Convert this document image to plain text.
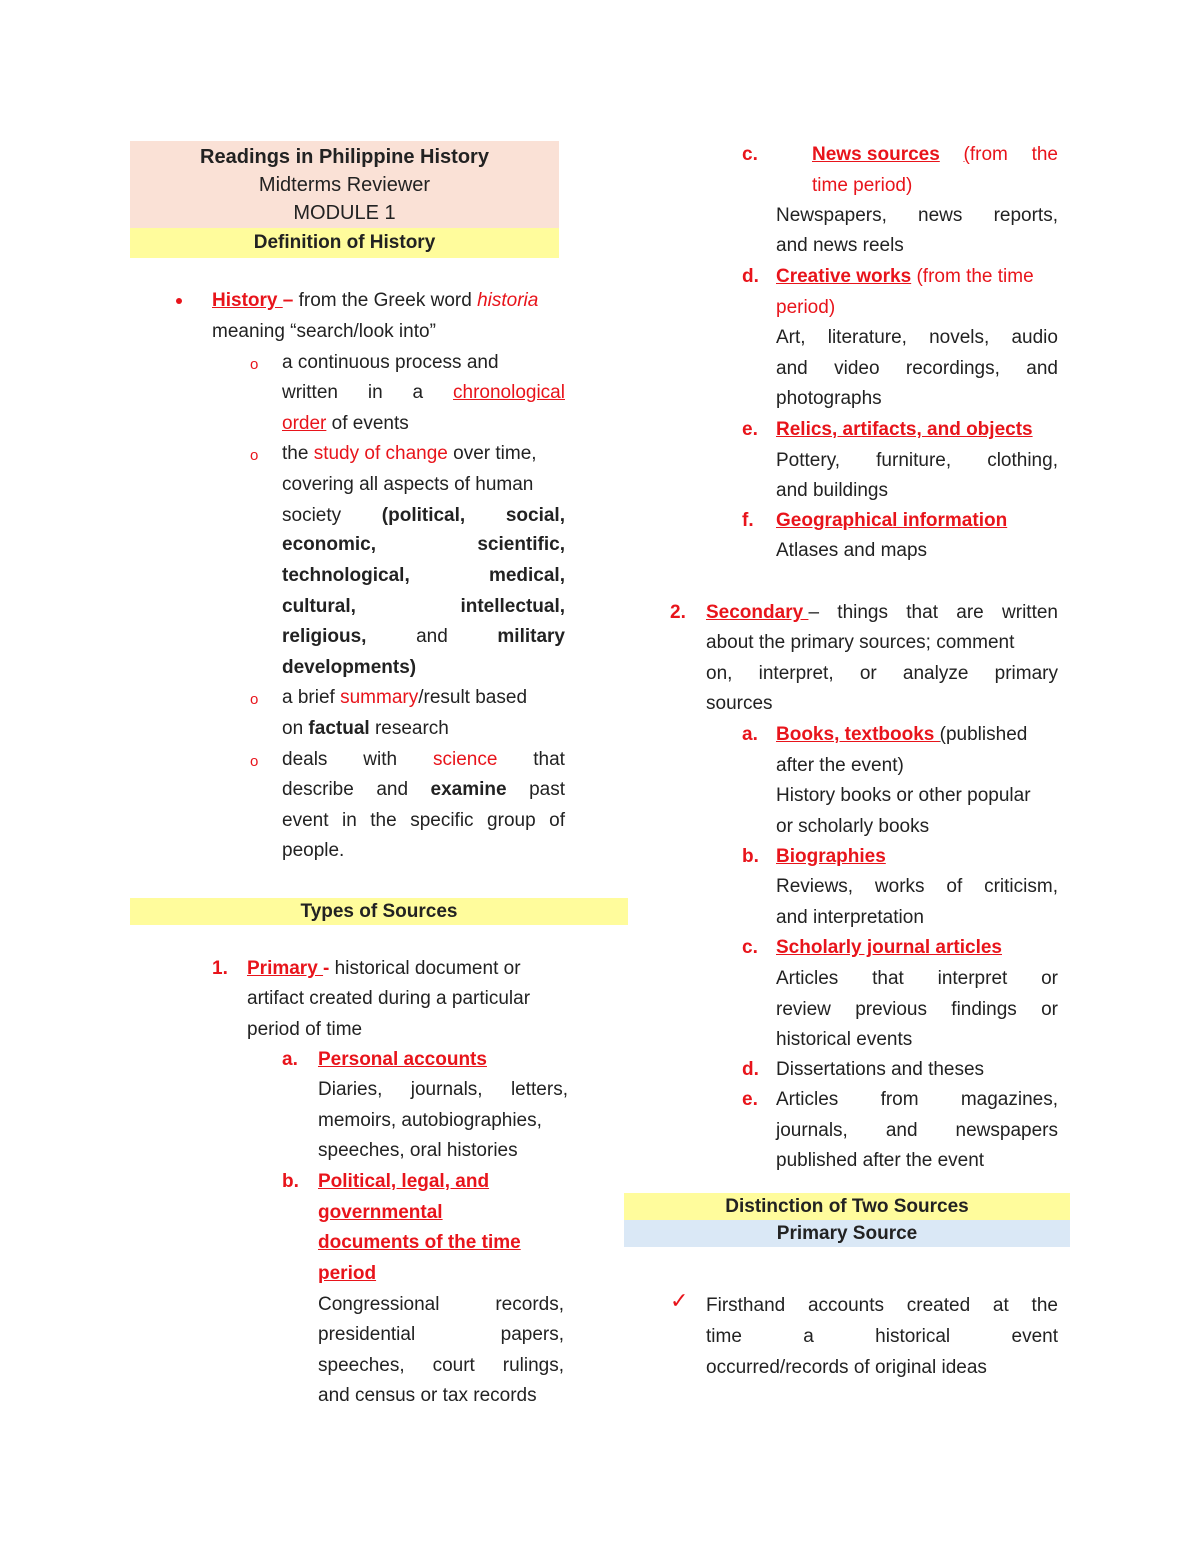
Readings in Philippine History
Midterms Reviewer
MODULE 1
Definition of History
History – from the Greek word historia
meaning “search/look into”
o a continuous process and
written in a chronological
order of events
o the study of change over time,
covering all aspects of human
society (political, social,
economic,	scientific,
technological,	medical,
cultural,	intellectual,
religious,	and	military
developments)
o a brief summary/result based
on factual research
o deals with science that
describe and examine past
event in the specific group of
people.
Types of Sources
1. Primary - historical document or
artifact created during a particular
period of time
a. Personal accounts
Diaries, journals, letters,
memoirs, autobiographies,
speeches, oral histories
b. Political, legal, and
governmental
documents of the time
period
Congressional	records,
presidential	papers,
speeches, court rulings,
and census or tax records
c.	News sources (from the
time period)
Newspapers, news reports,
and news reels
d. Creative works (from the time
period)
Art, literature, novels, audio
and video recordings, and
photographs
e. Relics, artifacts, and objects
Pottery, furniture, clothing,
and buildings
f. Geographical information
Atlases and maps
2. Secondary – things that are written
about the primary sources; comment
on, interpret, or analyze primary
sources
a. Books, textbooks (published
after the event)
History books or other popular
or scholarly books
b. Biographies
Reviews, works of criticism,
and interpretation
c. Scholarly journal articles
Articles that interpret or
review previous findings or
historical events
d. Dissertations and theses
e. Articles from magazines,
journals, and newspapers
published after the event
Distinction of Two Sources
Primary Source
✓ Firsthand accounts created at the
time	a	historical	event
occurred/records of original ideas
